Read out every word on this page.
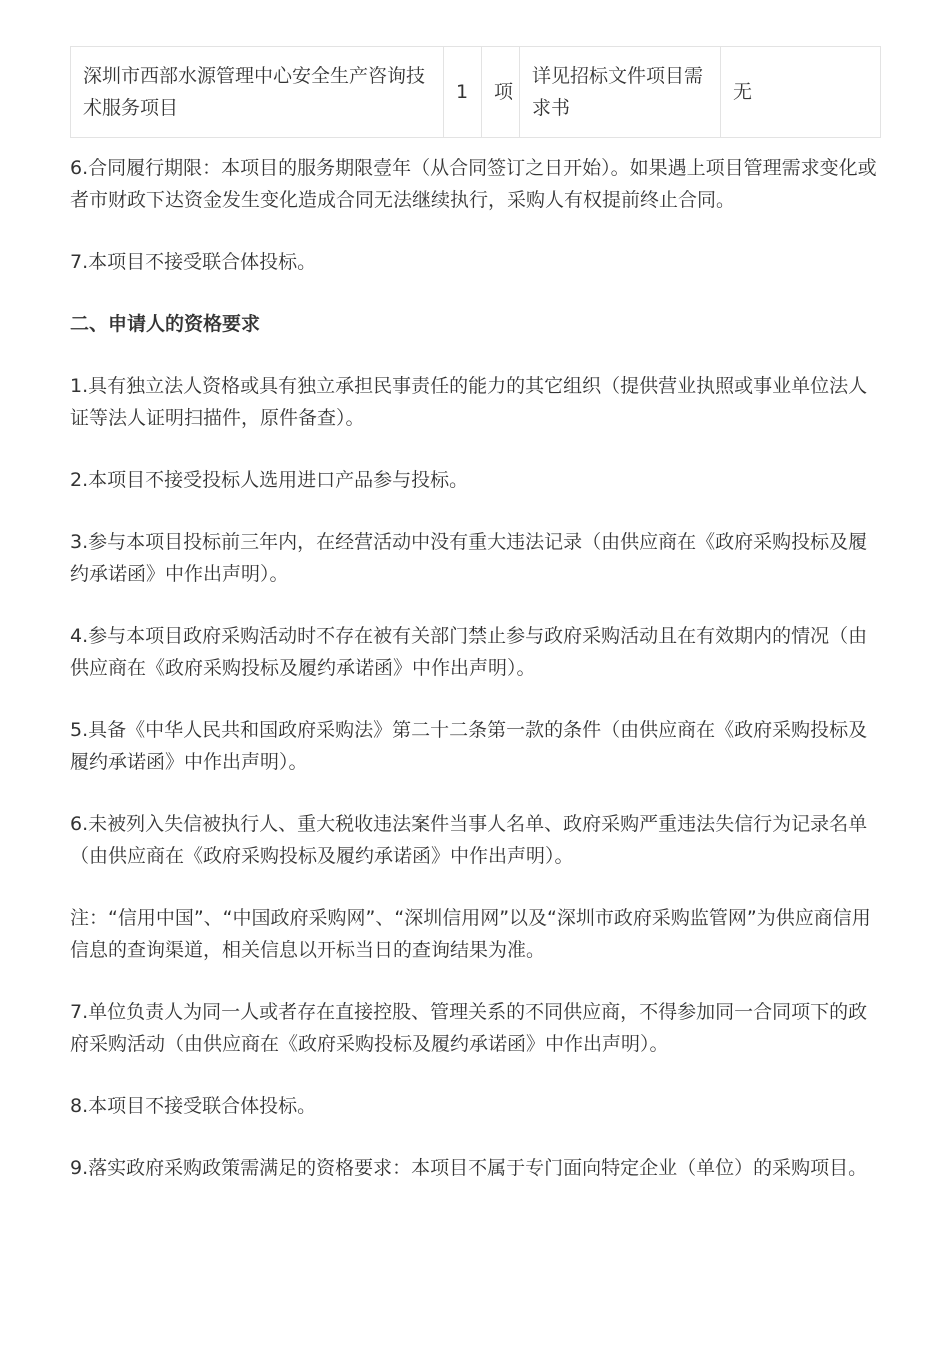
深圳市西部水源管理中心安全生产咨询技术服务项目	1	项	详见招标文件项目需求书	无

6.合同履行期限：本项目的服务期限壹年（从合同签订之日开始）。如果遇上项目管理需求变化或者市财政下达资金发生变化造成合同无法继续执行，采购人有权提前终止合同。

7.本项目不接受联合体投标。

二、申请人的资格要求

1.具有独立法人资格或具有独立承担民事责任的能力的其它组织（提供营业执照或事业单位法人证等法人证明扫描件，原件备查）。

2.本项目不接受投标人选用进口产品参与投标。

3.参与本项目投标前三年内，在经营活动中没有重大违法记录（由供应商在《政府采购投标及履约承诺函》中作出声明）。

4.参与本项目政府采购活动时不存在被有关部门禁止参与政府采购活动且在有效期内的情况（由供应商在《政府采购投标及履约承诺函》中作出声明）。

5.具备《中华人民共和国政府采购法》第二十二条第一款的条件（由供应商在《政府采购投标及履约承诺函》中作出声明）。

6.未被列入失信被执行人、重大税收违法案件当事人名单、政府采购严重违法失信行为记录名单（由供应商在《政府采购投标及履约承诺函》中作出声明）。

注：“信用中国”、“中国政府采购网”、“深圳信用网”以及“深圳市政府采购监管网”为供应商信用信息的查询渠道，相关信息以开标当日的查询结果为准。

7.单位负责人为同一人或者存在直接控股、管理关系的不同供应商，不得参加同一合同项下的政府采购活动（由供应商在《政府采购投标及履约承诺函》中作出声明）。

8.本项目不接受联合体投标。

9.落实政府采购政策需满足的资格要求：本项目不属于专门面向特定企业（单位）的采购项目。
